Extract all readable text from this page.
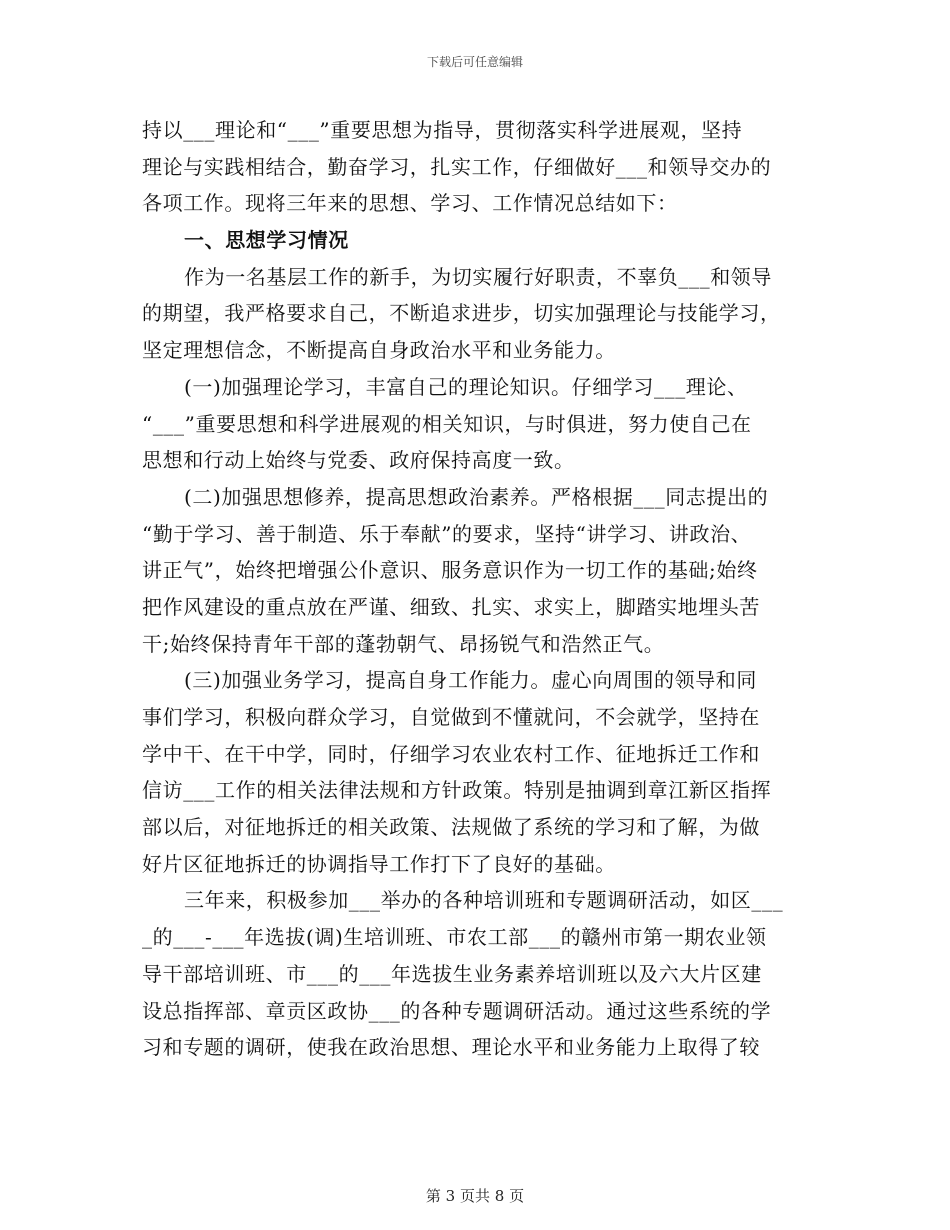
下载后可任意编辑
持以___理论和“___”重要思想为指导，贯彻落实科学进展观，坚持
理论与实践相结合，勤奋学习，扎实工作，仔细做好___和领导交办的
各项工作。现将三年来的思想、学习、工作情况总结如下：
一、思想学习情况
作为一名基层工作的新手，为切实履行好职责，不辜负___和领导
的期望，我严格要求自己，不断追求进步，切实加强理论与技能学习，
坚定理想信念，不断提高自身政治水平和业务能力。
(一)加强理论学习，丰富自己的理论知识。仔细学习___理论、
“___”重要思想和科学进展观的相关知识，与时俱进，努力使自己在
思想和行动上始终与党委、政府保持高度一致。
(二)加强思想修养，提高思想政治素养。严格根据___同志提出的
“勤于学习、善于制造、乐于奉献”的要求，坚持“讲学习、讲政治、
讲正气”，始终把增强公仆意识、服务意识作为一切工作的基础;始终
把作风建设的重点放在严谨、细致、扎实、求实上，脚踏实地埋头苦
干;始终保持青年干部的蓬勃朝气、昂扬锐气和浩然正气。
(三)加强业务学习，提高自身工作能力。虚心向周围的领导和同
事们学习，积极向群众学习，自觉做到不懂就问，不会就学，坚持在
学中干、在干中学，同时，仔细学习农业农村工作、征地拆迁工作和
信访___工作的相关法律法规和方针政策。特别是抽调到章江新区指挥
部以后，对征地拆迁的相关政策、法规做了系统的学习和了解，为做
好片区征地拆迁的协调指导工作打下了良好的基础。
三年来，积极参加___举办的各种培训班和专题调研活动，如区___
_的___-___年选拔(调)生培训班、市农工部___的赣州市第一期农业领
导干部培训班、市___的___年选拔生业务素养培训班以及六大片区建
设总指挥部、章贡区政协___的各种专题调研活动。通过这些系统的学
习和专题的调研，使我在政治思想、理论水平和业务能力上取得了较
第 3 页共 8 页
